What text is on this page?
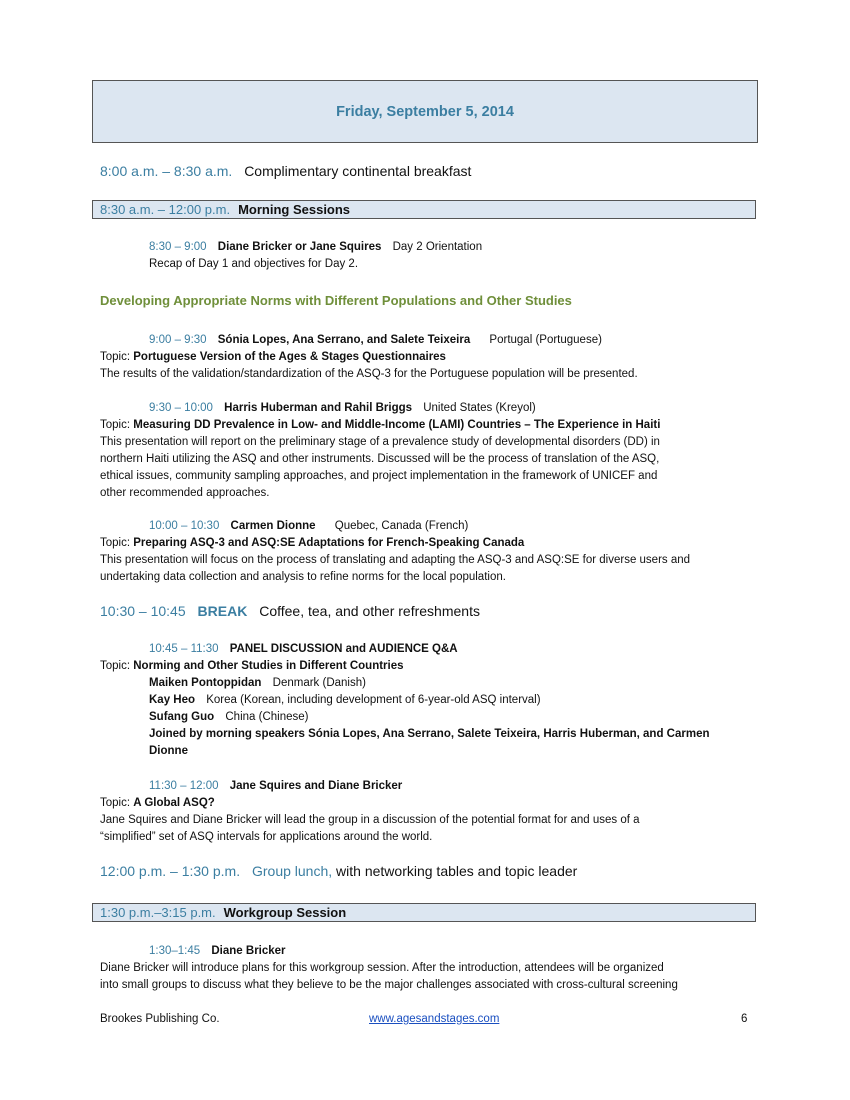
Friday, September 5, 2014
8:00 a.m. – 8:30 a.m. Complimentary continental breakfast
8:30 a.m. – 12:00 p.m. Morning Sessions
8:30 – 9:00 Diane Bricker or Jane Squires Day 2 Orientation
Recap of Day 1 and objectives for Day 2.
Developing Appropriate Norms with Different Populations and Other Studies
9:00 – 9:30 Sónia Lopes, Ana Serrano, and Salete Teixeira Portugal (Portuguese)
Topic: Portuguese Version of the Ages & Stages Questionnaires
The results of the validation/standardization of the ASQ-3 for the Portuguese population will be presented.
9:30 – 10:00 Harris Huberman and Rahil Briggs United States (Kreyol)
Topic: Measuring DD Prevalence in Low- and Middle-Income (LAMI) Countries – The Experience in Haiti
This presentation will report on the preliminary stage of a prevalence study of developmental disorders (DD) in
northern Haiti utilizing the ASQ and other instruments. Discussed will be the process of translation of the ASQ,
ethical issues, community sampling approaches, and project implementation in the framework of UNICEF and
other recommended approaches.
10:00 – 10:30 Carmen Dionne Quebec, Canada (French)
Topic: Preparing ASQ-3 and ASQ:SE Adaptations for French-Speaking Canada
This presentation will focus on the process of translating and adapting the ASQ-3 and ASQ:SE for diverse users and
undertaking data collection and analysis to refine norms for the local population.
10:30 – 10:45 BREAK Coffee, tea, and other refreshments
10:45 – 11:30 PANEL DISCUSSION and AUDIENCE Q&A
Topic: Norming and Other Studies in Different Countries
Maiken Pontoppidan Denmark (Danish)
Kay Heo Korea (Korean, including development of 6-year-old ASQ interval)
Sufang Guo China (Chinese)
Joined by morning speakers Sónia Lopes, Ana Serrano, Salete Teixeira, Harris Huberman, and Carmen
Dionne
11:30 – 12:00 Jane Squires and Diane Bricker
Topic: A Global ASQ?
Jane Squires and Diane Bricker will lead the group in a discussion of the potential format for and uses of a
“simplified” set of ASQ intervals for applications around the world.
12:00 p.m. – 1:30 p.m. Group lunch, with networking tables and topic leader
1:30 p.m.–3:15 p.m. Workgroup Session
1:30–1:45 Diane Bricker
Diane Bricker will introduce plans for this workgroup session. After the introduction, attendees will be organized
into small groups to discuss what they believe to be the major challenges associated with cross-cultural screening
Brookes Publishing Co.	www.agesandstages.com	6
